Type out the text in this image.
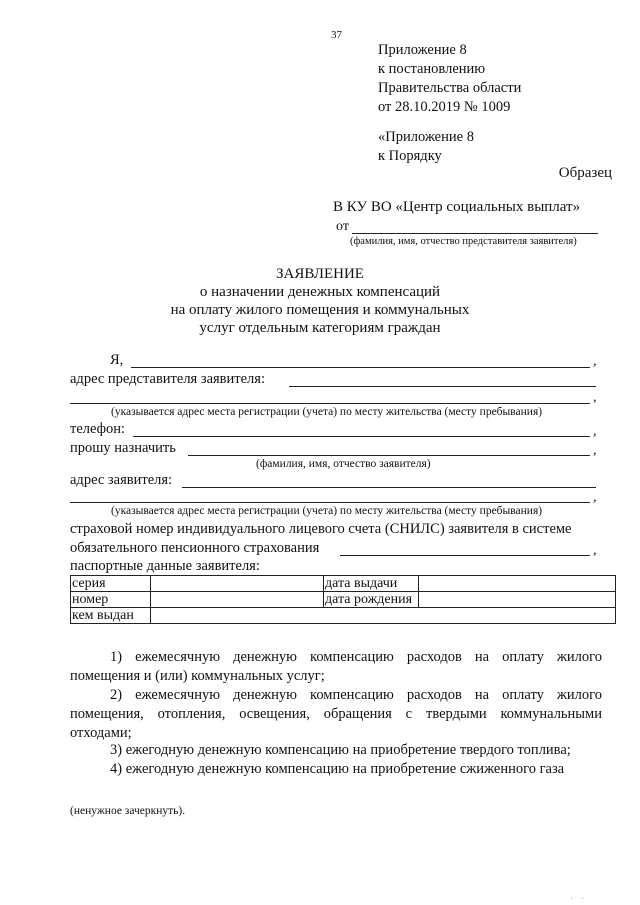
37
Приложение 8
к постановлению
Правительства области
от 28.10.2019 № 1009
«Приложение 8
к Порядку
Образец
В КУ ВО «Центр социальных выплат»
от
(фамилия, имя, отчество представителя заявителя)
ЗАЯВЛЕНИЕ
о назначении денежных компенсаций
на оплату жилого помещения и коммунальных
услуг отдельным категориям граждан
Я,	,
адрес представителя заявителя:
,
(указывается адрес места регистрации (учета) по месту жительства (месту пребывания)
телефон:	,
прошу назначить	,
(фамилия, имя, отчество заявителя)
адрес заявителя:
,
(указывается адрес места регистрации (учета) по месту жительства (месту пребывания)
страховой номер индивидуального лицевого счета (СНИЛС) заявителя в системе
обязательного пенсионного страхования	,
паспортные данные заявителя:
серия		дата выдачи	
номер		дата рождения	
кем выдан			
1) ежемесячную денежную компенсацию расходов на оплату жилого помещения и (или) коммунальных услуг;
2) ежемесячную денежную компенсацию расходов на оплату жилого помещения, отопления, освещения, обращения с твердыми коммунальными отходами;
3) ежегодную денежную компенсацию на приобретение твердого топлива;
4) ежегодную денежную компенсацию на приобретение сжиженного газа
(ненужное зачеркнуть).
· ·
